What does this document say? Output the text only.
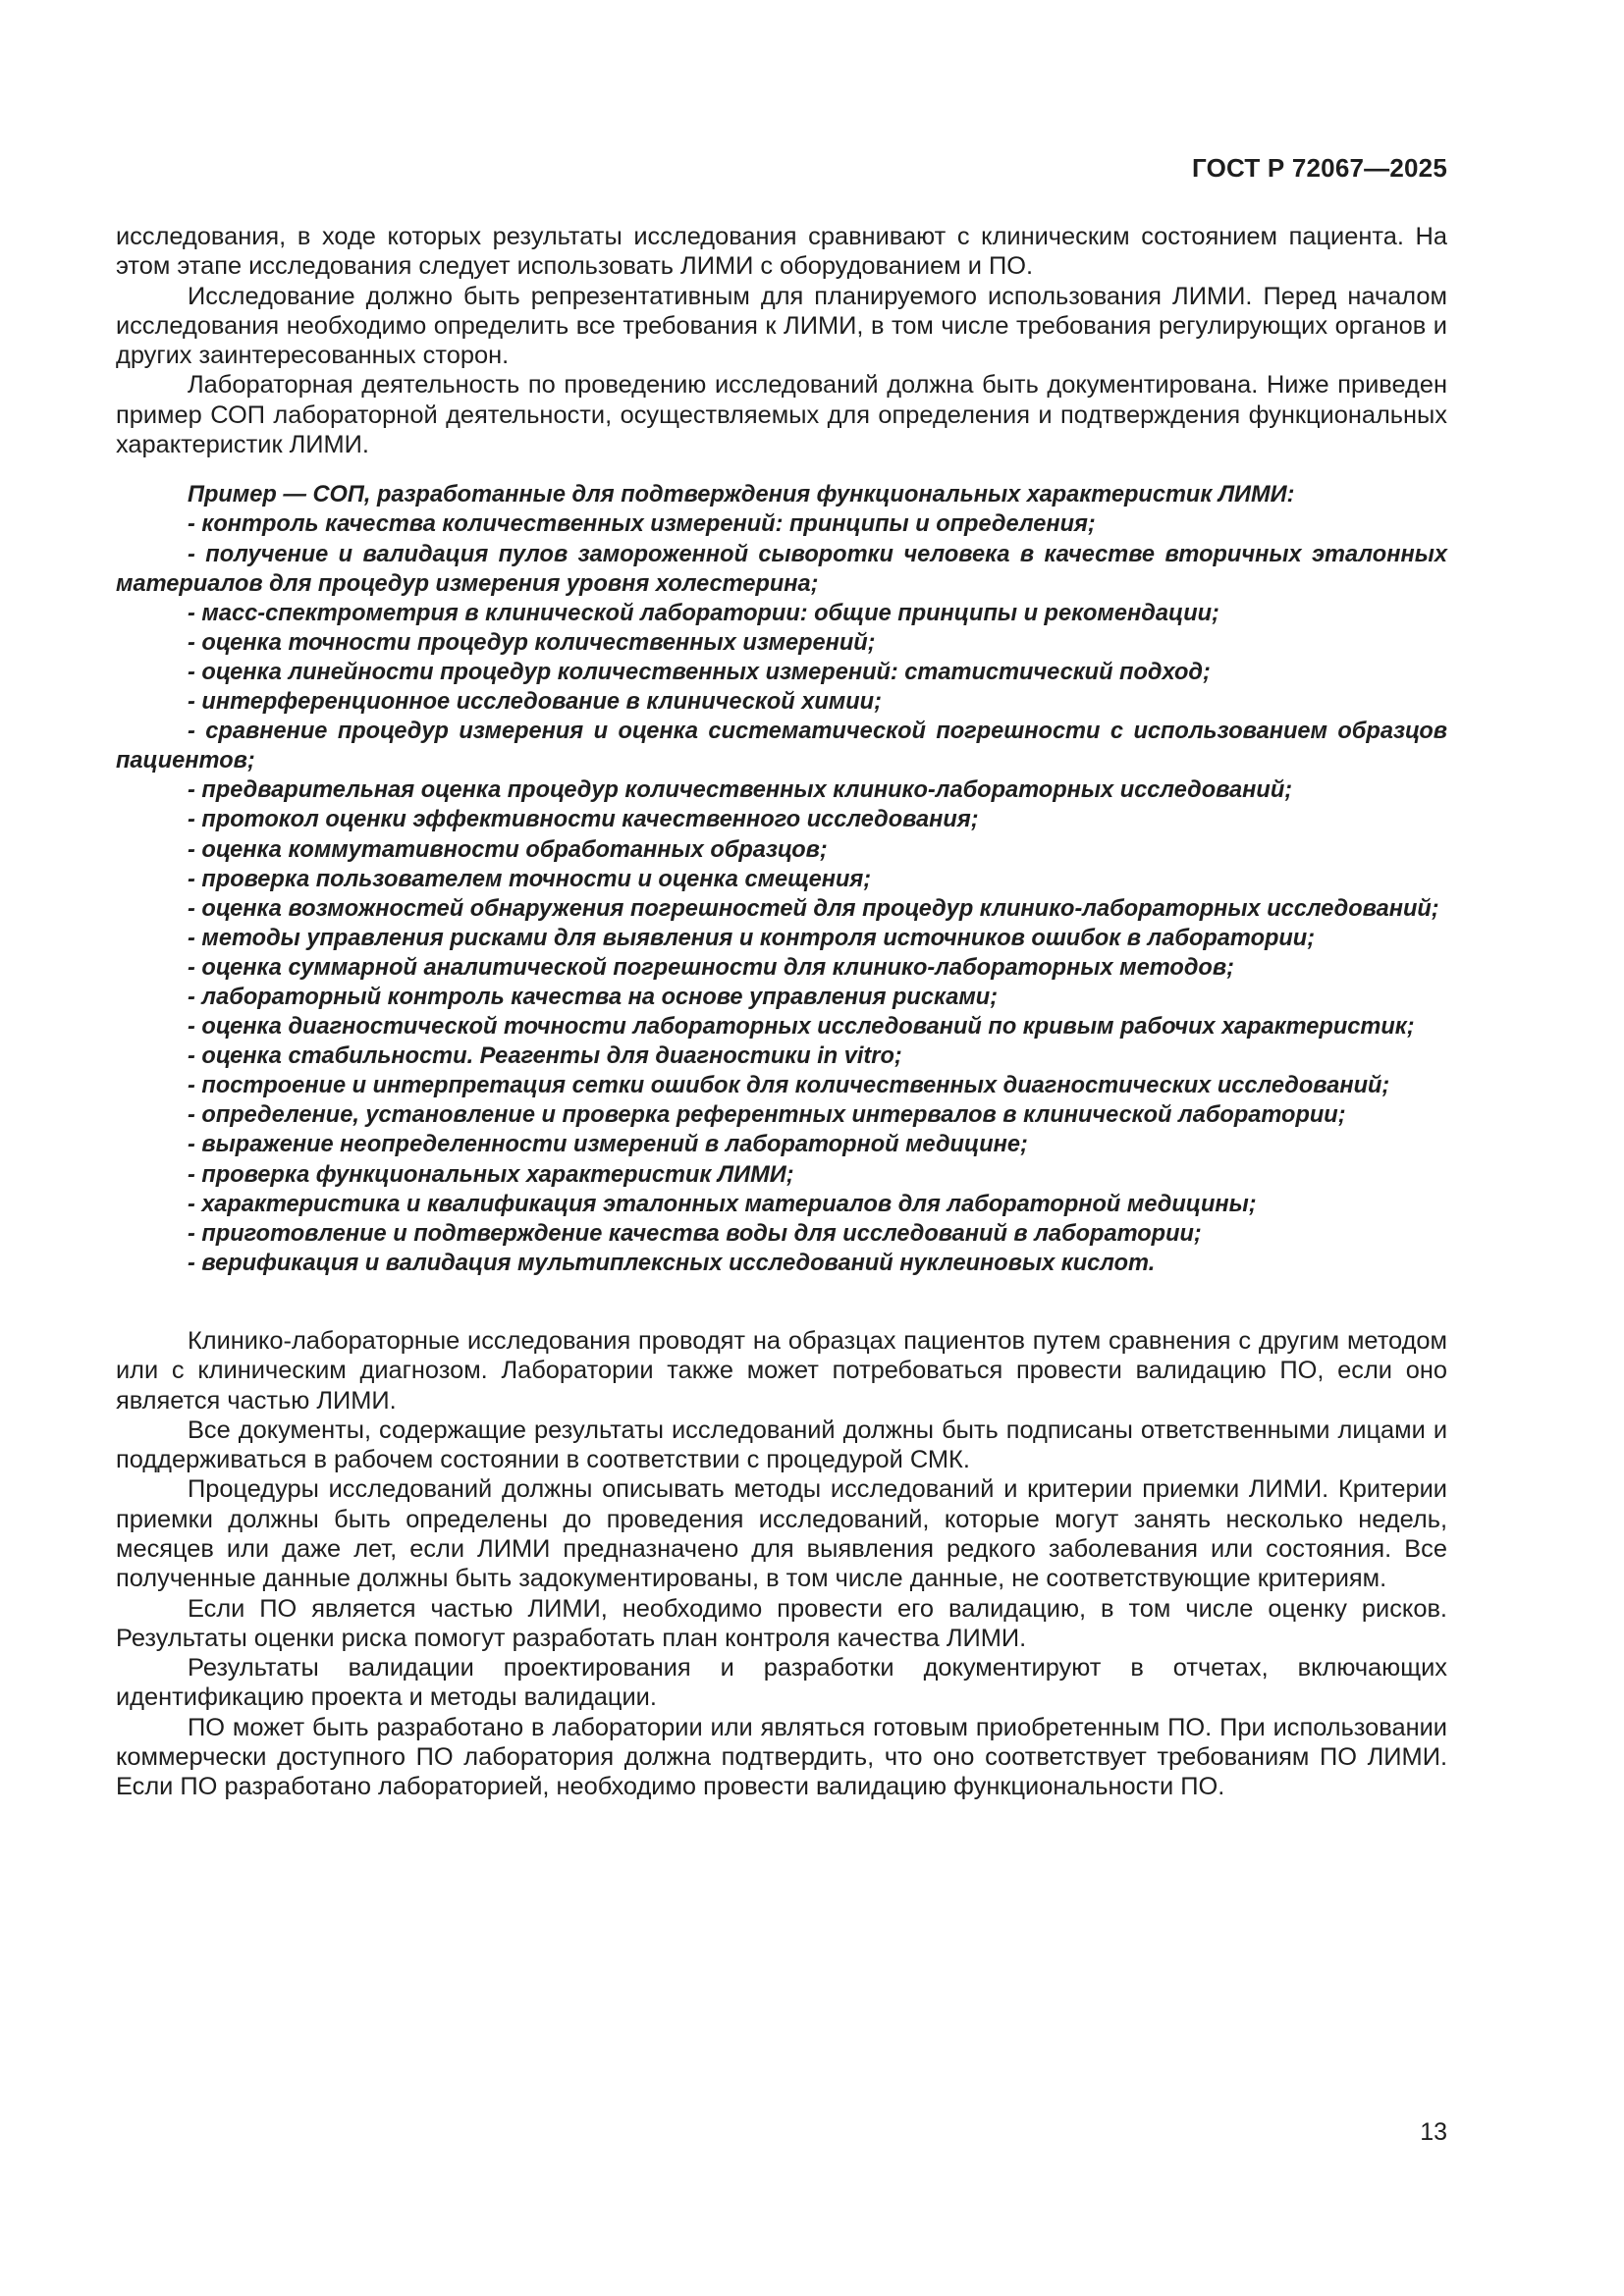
ГОСТ Р 72067—2025

исследования, в ходе которых результаты исследования сравнивают с клиническим состоянием пациента. На этом этапе исследования следует использовать ЛИМИ с оборудованием и ПО.

Исследование должно быть репрезентативным для планируемого использования ЛИМИ. Перед началом исследования необходимо определить все требования к ЛИМИ, в том числе требования регулирующих органов и других заинтересованных сторон.

Лабораторная деятельность по проведению исследований должна быть документирована. Ниже приведен пример СОП лабораторной деятельности, осуществляемых для определения и подтверждения функциональных характеристик ЛИМИ.

Пример — СОП, разработанные для подтверждения функциональных характеристик ЛИМИ:

- контроль качества количественных измерений: принципы и определения;

- получение и валидация пулов замороженной сыворотки человека в качестве вторичных эталонных материалов для процедур измерения уровня холестерина;

- масс-спектрометрия в клинической лаборатории: общие принципы и рекомендации;

- оценка точности процедур количественных измерений;

- оценка линейности процедур количественных измерений: статистический подход;

- интерференционное исследование в клинической химии;

- сравнение процедур измерения и оценка систематической погрешности с использованием образцов пациентов;

- предварительная оценка процедур количественных клинико-лабораторных исследований;

- протокол оценки эффективности качественного исследования;

- оценка коммутативности обработанных образцов;

- проверка пользователем точности и оценка смещения;

- оценка возможностей обнаружения погрешностей для процедур клинико-лабораторных исследований;

- методы управления рисками для выявления и контроля источников ошибок в лаборатории;

- оценка суммарной аналитической погрешности для клинико-лабораторных методов;

- лабораторный контроль качества на основе управления рисками;

- оценка диагностической точности лабораторных исследований по кривым рабочих характеристик;

- оценка стабильности. Реагенты для диагностики in vitro;

- построение и интерпретация сетки ошибок для количественных диагностических исследований;

- определение, установление и проверка референтных интервалов в клинической лаборатории;

- выражение неопределенности измерений в лабораторной медицине;

- проверка функциональных характеристик ЛИМИ;

- характеристика и квалификация эталонных материалов для лабораторной медицины;

- приготовление и подтверждение качества воды для исследований в лаборатории;

- верификация и валидация мультиплексных исследований нуклеиновых кислот.

Клинико-лабораторные исследования проводят на образцах пациентов путем сравнения с другим методом или с клиническим диагнозом. Лаборатории также может потребоваться провести валидацию ПО, если оно является частью ЛИМИ.

Все документы, содержащие результаты исследований должны быть подписаны ответственными лицами и поддерживаться в рабочем состоянии в соответствии с процедурой СМК.

Процедуры исследований должны описывать методы исследований и критерии приемки ЛИМИ. Критерии приемки должны быть определены до проведения исследований, которые могут занять несколько недель, месяцев или даже лет, если ЛИМИ предназначено для выявления редкого заболевания или состояния. Все полученные данные должны быть задокументированы, в том числе данные, не соответствующие критериям.

Если ПО является частью ЛИМИ, необходимо провести его валидацию, в том числе оценку рисков. Результаты оценки риска помогут разработать план контроля качества ЛИМИ.

Результаты валидации проектирования и разработки документируют в отчетах, включающих идентификацию проекта и методы валидации.

ПО может быть разработано в лаборатории или являться готовым приобретенным ПО. При использовании коммерчески доступного ПО лаборатория должна подтвердить, что оно соответствует требованиям ПО ЛИМИ. Если ПО разработано лабораторией, необходимо провести валидацию функциональности ПО.

13
